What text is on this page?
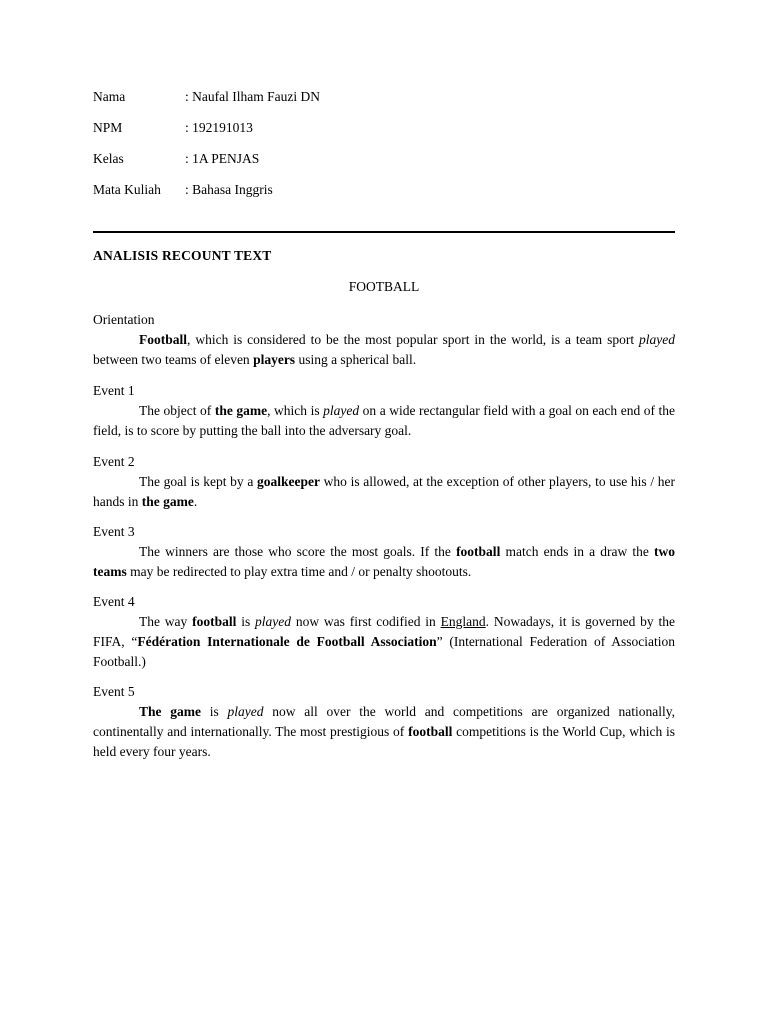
Nama	: Naufal Ilham Fauzi DN
NPM	: 192191013
Kelas	: 1A PENJAS
Mata Kuliah	: Bahasa Inggris
ANALISIS RECOUNT TEXT
FOOTBALL
Orientation

Football, which is considered to be the most popular sport in the world, is a team sport played between two teams of eleven players using a spherical ball.

Event 1

The object of the game, which is played on a wide rectangular field with a goal on each end of the field, is to score by putting the ball into the adversary goal.

Event 2

The goal is kept by a goalkeeper who is allowed, at the exception of other players, to use his / her hands in the game.

Event 3

The winners are those who score the most goals. If the football match ends in a draw the two teams may be redirected to play extra time and / or penalty shootouts.

Event 4

The way football is played now was first codified in England. Nowadays, it is governed by the FIFA, “Fédération Internationale de Football Association” (International Federation of Association Football.)

Event 5

The game is played now all over the world and competitions are organized nationally, continentally and internationally. The most prestigious of football competitions is the World Cup, which is held every four years.
